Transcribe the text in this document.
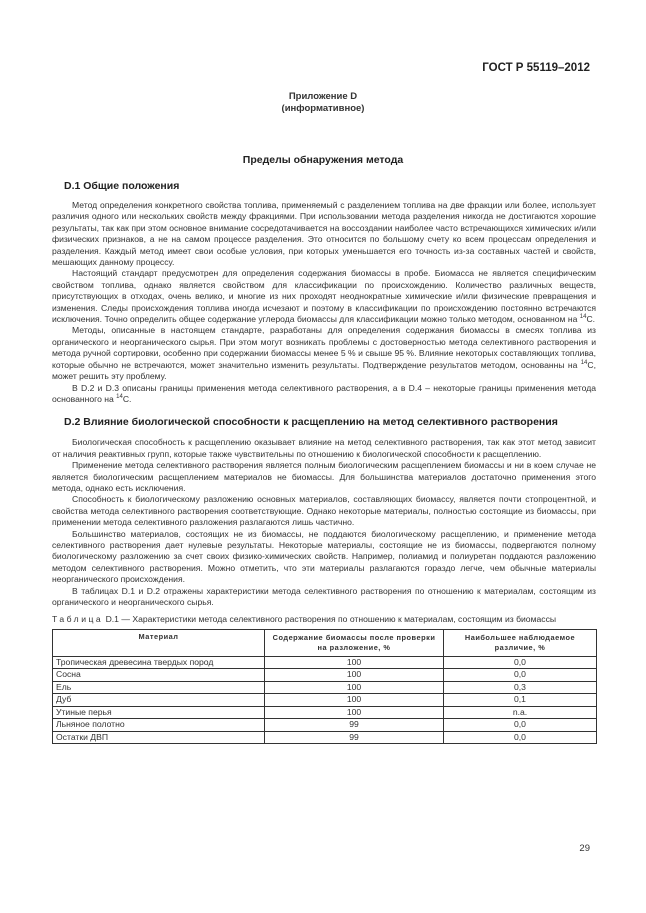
ГОСТ Р 55119–2012
Приложение D
(информативное)
Пределы обнаружения метода
D.1 Общие положения

Метод определения конкретного свойства топлива, применяемый с разделением топлива на две фракции или более, использует различия одного или нескольких свойств между фракциями. При использовании метода разделения никогда не достигаются хорошие результаты, так как при этом основное внимание сосредотачивается на воссоздании наиболее часто встречающихся химических и/или физических признаков, а не на самом процессе разделения. Это относится по большому счету ко всем процессам определения и разделения. Каждый метод имеет свои особые условия, при которых уменьшается его точность из-за составных частей и свойств, мешающих данному процессу.

Настоящий стандарт предусмотрен для определения содержания биомассы в пробе. Биомасса не является специфическим свойством топлива, однако является свойством для классификации по происхождению. Количество различных веществ, присутствующих в отходах, очень велико, и многие из них проходят неоднократные химические и/или физические превращения и изменения. Следы происхождения топлива иногда исчезают и поэтому в классификации по происхождению постоянно встречаются исключения. Точно определить общее содержание углерода биомассы для классификации можно только методом, основанном на $^{14}$C.

Методы, описанные в настоящем стандарте, разработаны для определения содержания биомассы в смесях топлива из органического и неорганического сырья. При этом могут возникать проблемы с достоверностью метода селективного растворения и метода ручной сортировки, особенно при содержании биомассы менее 5 % и свыше 95 %. Влияние некоторых составляющих топлива, которые обычно не встречаются, может значительно изменить результаты. Подтверждение результатов методом, основанны на $^{14}$C, может решить эту проблему.

В D.2 и D.3 описаны границы применения метода селективного растворения, а в D.4 – некоторые границы применения метода основанного на $^{14}$C.

D.2 Влияние биологической способности к расщеплению на метод селективного растворения

Биологическая способность к расщеплению оказывает влияние на метод селективного растворения, так как этот метод зависит от наличия реактивных групп, которые также чувствительны по отношению к биологической способности к расщеплению.

Применение метода селективного растворения является полным биологическим расщеплением биомассы и ни в коем случае не является биологическим расщеплением материалов не биомассы. Для большинства материалов достаточно применения этого метода, однако есть исключения.

Способность к биологическому разложению основных материалов, составляющих биомассу, является почти стопроцентной, и свойства метода селективного растворения соответствующие. Однако некоторые материалы, полностью состоящие из биомассы, при применении метода селективного разложения разлагаются лишь частично.

Большинство материалов, состоящих не из биомассы, не поддаются биологическому расщеплению, и применение метода селективного растворения дает нулевые результаты. Некоторые материалы, состоящие не из биомассы, подвергаются полному биологическому разложению за счет своих физико-химических свойств. Например, полиамид и полиуретан поддаются разложению методом селективного растворения. Можно отметить, что эти материалы разлагаются гораздо легче, чем обычные материалы неорганического происхождения.

В таблицах D.1 и D.2 отражены характеристики метода селективного растворения по отношению к материалам, состоящим из органического и неорганического сырья.

Таблица D.1 — Характеристики метода селективного растворения по отношению к материалам, состоящим из биомассы

Материал	Содержание биомассы после проверки на разложение, %	Наибольшее наблюдаемое различие, %
Тропическая древесина твердых пород	100	0,0
Сосна	100	0,0
Ель	100	0,3
Дуб	100	0,1
Утиные перья	100	n.a.
Льняное полотно	99	0,0
Остатки ДВП	99	0,0
29
